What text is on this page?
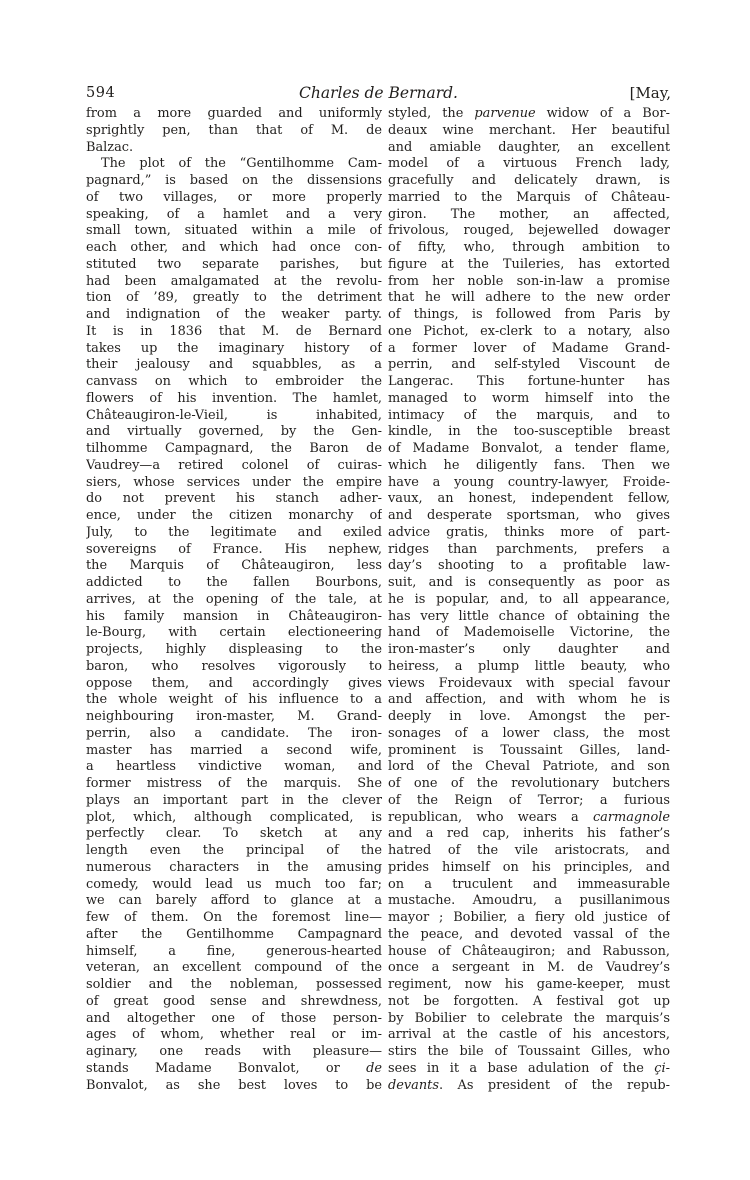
594	Charles de Bernard.	[May,
from a more guarded and uniformly
sprightly pen, than that of M. de
Balzac.
The plot of the “Gentilhomme Cam-
pagnard,” is based on the dissensions
of two villages, or more properly
speaking, of a hamlet and a very
small town, situated within a mile of
each other, and which had once con-
stituted two separate parishes, but
had been amalgamated at the revolu-
tion of ’89, greatly to the detriment
and indignation of the weaker party.
It is in 1836 that M. de Bernard
takes up the imaginary history of
their jealousy and squabbles, as a
canvass on which to embroider the
flowers of his invention. The hamlet,
Châteaugiron-le-Vieil, is inhabited,
and virtually governed, by the Gen-
tilhomme Campagnard, the Baron de
Vaudrey—a retired colonel of cuiras-
siers, whose services under the empire
do not prevent his stanch adher-
ence, under the citizen monarchy of
July, to the legitimate and exiled
sovereigns of France. His nephew,
the Marquis of Châteaugiron, less
addicted to the fallen Bourbons,
arrives, at the opening of the tale, at
his family mansion in Châteaugiron-
le-Bourg, with certain electioneering
projects, highly displeasing to the
baron, who resolves vigorously to
oppose them, and accordingly gives
the whole weight of his influence to a
neighbouring iron-master, M. Grand-
perrin, also a candidate. The iron-
master has married a second wife,
a heartless vindictive woman, and
former mistress of the marquis. She
plays an important part in the clever
plot, which, although complicated, is
perfectly clear. To sketch at any
length even the principal of the
numerous characters in the amusing
comedy, would lead us much too far;
we can barely afford to glance at a
few of them. On the foremost line—
after the Gentilhomme Campagnard
himself, a fine, generous-hearted
veteran, an excellent compound of the
soldier and the nobleman, possessed
of great good sense and shrewdness,
and altogether one of those person-
ages of whom, whether real or im-
aginary, one reads with pleasure—
stands Madame Bonvalot, or de
Bonvalot, as she best loves to be
styled, the parvenue widow of a Bor-
deaux wine merchant. Her beautiful
and amiable daughter, an excellent
model of a virtuous French lady,
gracefully and delicately drawn, is
married to the Marquis of Château-
giron. The mother, an affected,
frivolous, rouged, bejewelled dowager
of fifty, who, through ambition to
figure at the Tuileries, has extorted
from her noble son-in-law a promise
that he will adhere to the new order
of things, is followed from Paris by
one Pichot, ex-clerk to a notary, also
a former lover of Madame Grand-
perrin, and self-styled Viscount de
Langerac. This fortune-hunter has
managed to worm himself into the
intimacy of the marquis, and to
kindle, in the too-susceptible breast
of Madame Bonvalot, a tender flame,
which he diligently fans. Then we
have a young country-lawyer, Froide-
vaux, an honest, independent fellow,
and desperate sportsman, who gives
advice gratis, thinks more of part-
ridges than parchments, prefers a
day’s shooting to a profitable law-
suit, and is consequently as poor as
he is popular, and, to all appearance,
has very little chance of obtaining the
hand of Mademoiselle Victorine, the
iron-master’s only daughter and
heiress, a plump little beauty, who
views Froidevaux with special favour
and affection, and with whom he is
deeply in love. Amongst the per-
sonages of a lower class, the most
prominent is Toussaint Gilles, land-
lord of the Cheval Patriote, and son
of one of the revolutionary butchers
of the Reign of Terror; a furious
republican, who wears a carmagnole
and a red cap, inherits his father’s
hatred of the vile aristocrats, and
prides himself on his principles, and
on a truculent and immeasurable
mustache. Amoudru, a pusillanimous
mayor ; Bobilier, a fiery old justice of
the peace, and devoted vassal of the
house of Châteaugiron; and Rabusson,
once a sergeant in M. de Vaudrey’s
regiment, now his game-keeper, must
not be forgotten. A festival got up
by Bobilier to celebrate the marquis’s
arrival at the castle of his ancestors,
stirs the bile of Toussaint Gilles, who
sees in it a base adulation of the çi-
devants. As president of the repub-
